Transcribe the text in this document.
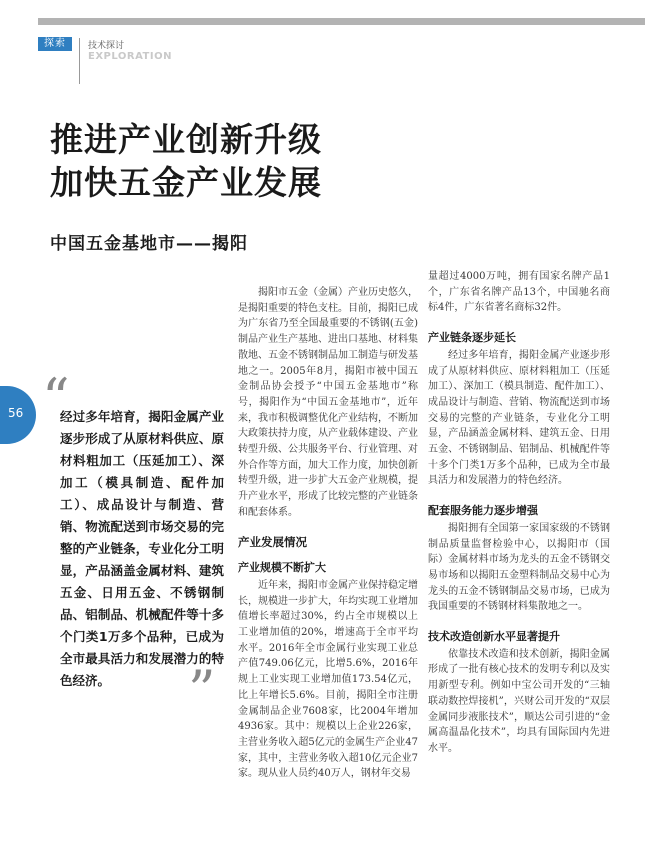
探索	技术探讨
EXPLORATION
推进产业创新升级
加快五金产业发展
中国五金基地市——揭阳
56 “
经过多年培育，揭阳金属产业逐步形成了从原材料供应、原材料粗加工（压延加工）、深加工（模具制造、配件加工）、成品设计与制造、营销、物流配送到市场交易的完整的产业链条，专业化分工明显，产品涵盖金属材料、建筑五金、日用五金、不锈钢制品、铝制品、机械配件等十多个门类1万多个品种，已成为全市最具活力和发展潜力的特色经济。	”

揭阳市五金（金属）产业历史悠久，是揭阳重要的特色支柱。目前，揭阳已成为广东省乃至全国最重要的不锈钢(五金)制品产业生产基地、进出口基地、材料集散地、五金不锈钢制品加工制造与研发基地之一。2005年8月，揭阳市被中国五金制品协会授予“中国五金基地市”称号，揭阳作为“中国五金基地市”，近年来，我市积极调整优化产业结构，不断加大政策扶持力度，从产业载体建设、产业转型升级、公共服务平台、行业管理、对外合作等方面，加大工作力度，加快创新转型升级，进一步扩大五金产业规模，提升产业水平，形成了比较完整的产业链条和配套体系。

产业发展情况
产业规模不断扩大

近年来，揭阳市金属产业保持稳定增长，规模进一步扩大，年均实现工业增加值增长率超过30%，约占全市规模以上工业增加值的20%，增速高于全市平均水平。2016年全市金属行业实现工业总产值749.06亿元，比增5.6%，2016年规上工业实现工业增加值173.54亿元，比上年增长5.6%。目前，揭阳全市注册金属制品企业7608家，比2004年增加4936家。其中：规模以上企业226家，主营业务收入超5亿元的金属生产企业47家，其中，主营业务收入超10亿元企业7家。现从业人员约40万人，钢材年交易

量超过4000万吨，拥有国家名牌产品1个，广东省名牌产品13个，中国驰名商标4件，广东省著名商标32件。

产业链条逐步延长

经过多年培育，揭阳金属产业逐步形成了从原材料供应、原材料粗加工（压延加工）、深加工（模具制造、配件加工）、成品设计与制造、营销、物流配送到市场交易的完整的产业链条，专业化分工明显，产品涵盖金属材料、建筑五金、日用五金、不锈钢制品、铝制品、机械配件等十多个门类1万多个品种，已成为全市最具活力和发展潜力的特色经济。

配套服务能力逐步增强

揭阳拥有全国第一家国家级的不锈钢制品质量监督检验中心，以揭阳市（国际）金属材料市场为龙头的五金不锈钢交易市场和以揭阳五金塑料制品交易中心为龙头的五金不锈钢制品交易市场，已成为我国重要的不锈钢材料集散地之一。

技术改造创新水平显著提升

依靠技术改造和技术创新，揭阳金属形成了一批有核心技术的发明专利以及实用新型专利。例如中宝公司开发的“三轴联动数控焊接机”，兴财公司开发的“双层金属同步液胀技术”，顺达公司引进的“金属高温晶化技术”，均具有国际国内先进水平。
